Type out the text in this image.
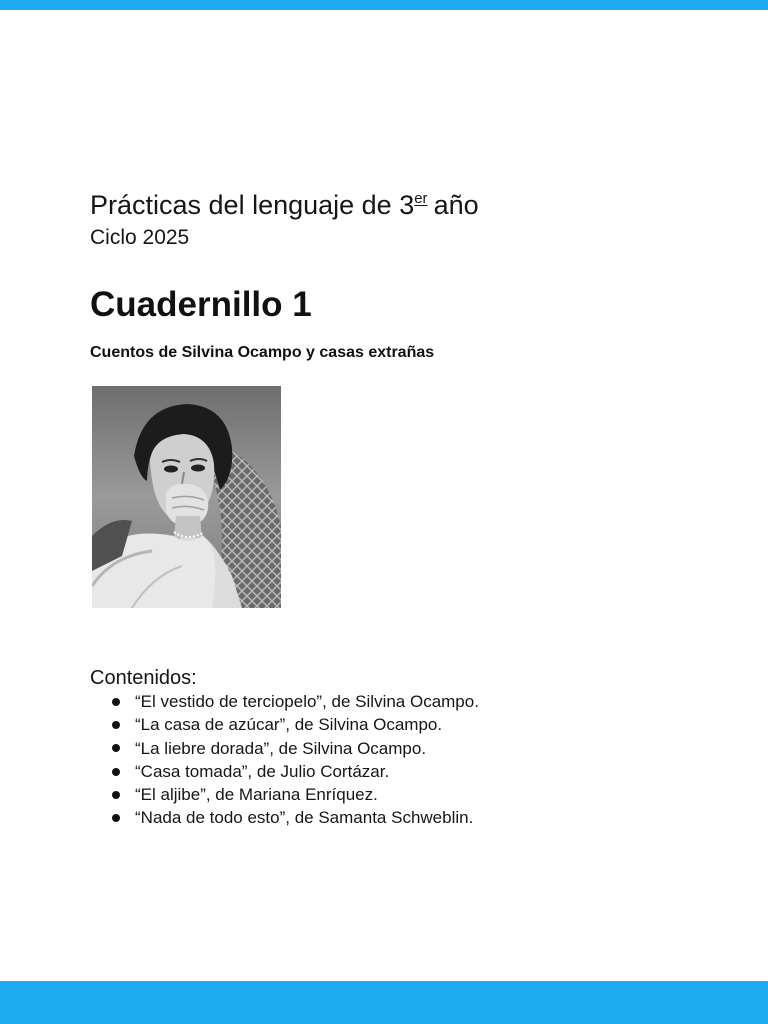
Prácticas del lenguaje de 3er año
Ciclo 2025
Cuadernillo 1
Cuentos de Silvina Ocampo y casas extrañas
Contenidos:
“El vestido de terciopelo”, de Silvina Ocampo.
“La casa de azúcar”, de Silvina Ocampo.
“La liebre dorada”, de Silvina Ocampo.
“Casa tomada”, de Julio Cortázar.
“El aljibe”, de Mariana Enríquez.
“Nada de todo esto”, de Samanta Schweblin.
